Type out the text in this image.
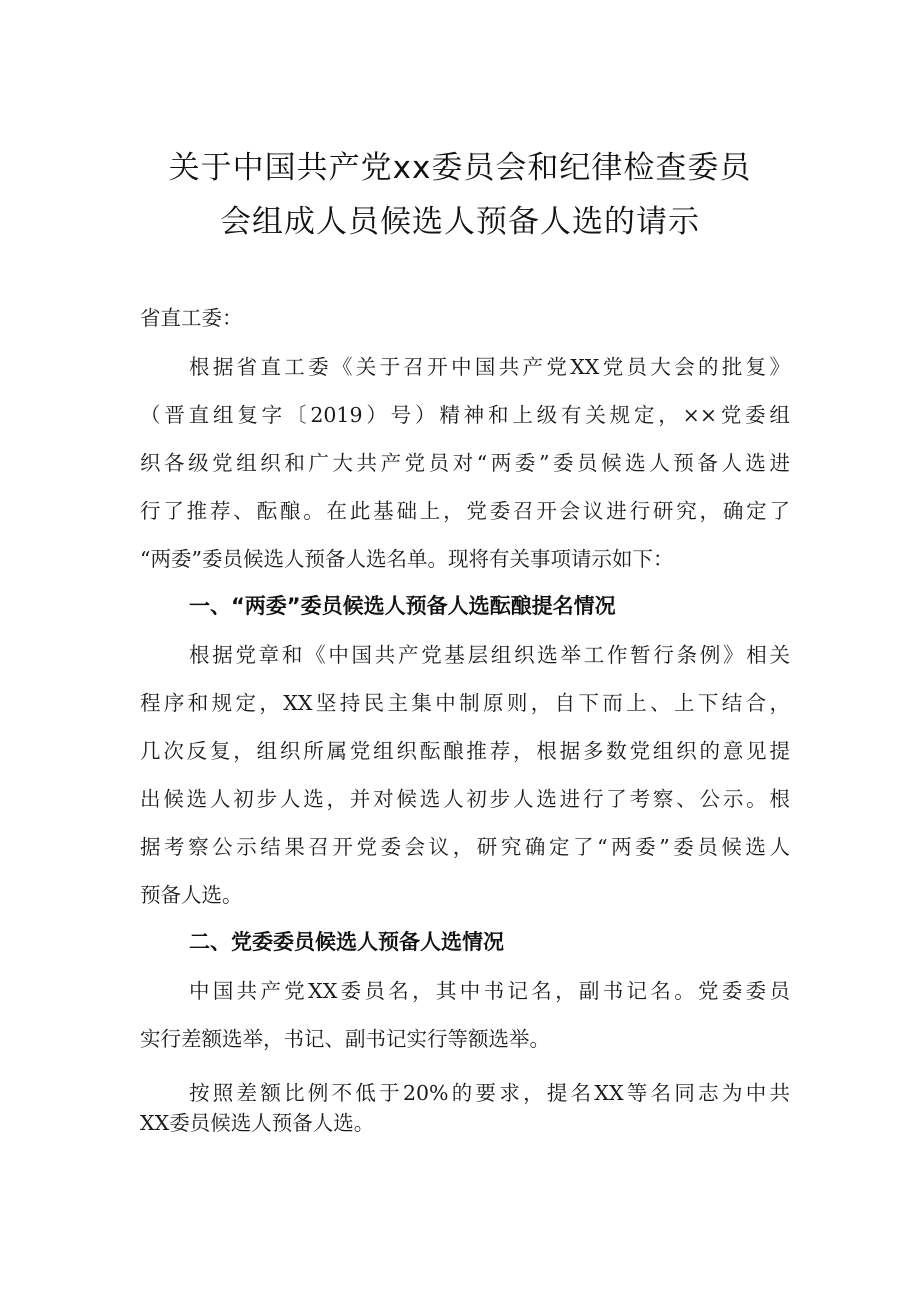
关于中国共产党xx委员会和纪律检查委员
会组成人员候选人预备人选的请示
省直工委：
根据省直工委《关于召开中国共产党XX党员大会的批复》
（晋直组复字〔2019）号）精神和上级有关规定，××党委组
织各级党组织和广大共产党员对“两委”委员候选人预备人选进
行了推荐、酝酿。在此基础上，党委召开会议进行研究，确定了
“两委”委员候选人预备人选名单。现将有关事项请示如下：
一、“两委”委员候选人预备人选酝酿提名情况
根据党章和《中国共产党基层组织选举工作暂行条例》相关
程序和规定，XX坚持民主集中制原则，自下而上、上下结合，
几次反复，组织所属党组织酝酿推荐，根据多数党组织的意见提
出候选人初步人选，并对候选人初步人选进行了考察、公示。根
据考察公示结果召开党委会议，研究确定了“两委”委员候选人
预备人选。
二、党委委员候选人预备人选情况
中国共产党XX委员名，其中书记名，副书记名。党委委员
实行差额选举，书记、副书记实行等额选举。
按照差额比例不低于20%的要求，提名XX等名同志为中共
XX委员候选人预备人选。
